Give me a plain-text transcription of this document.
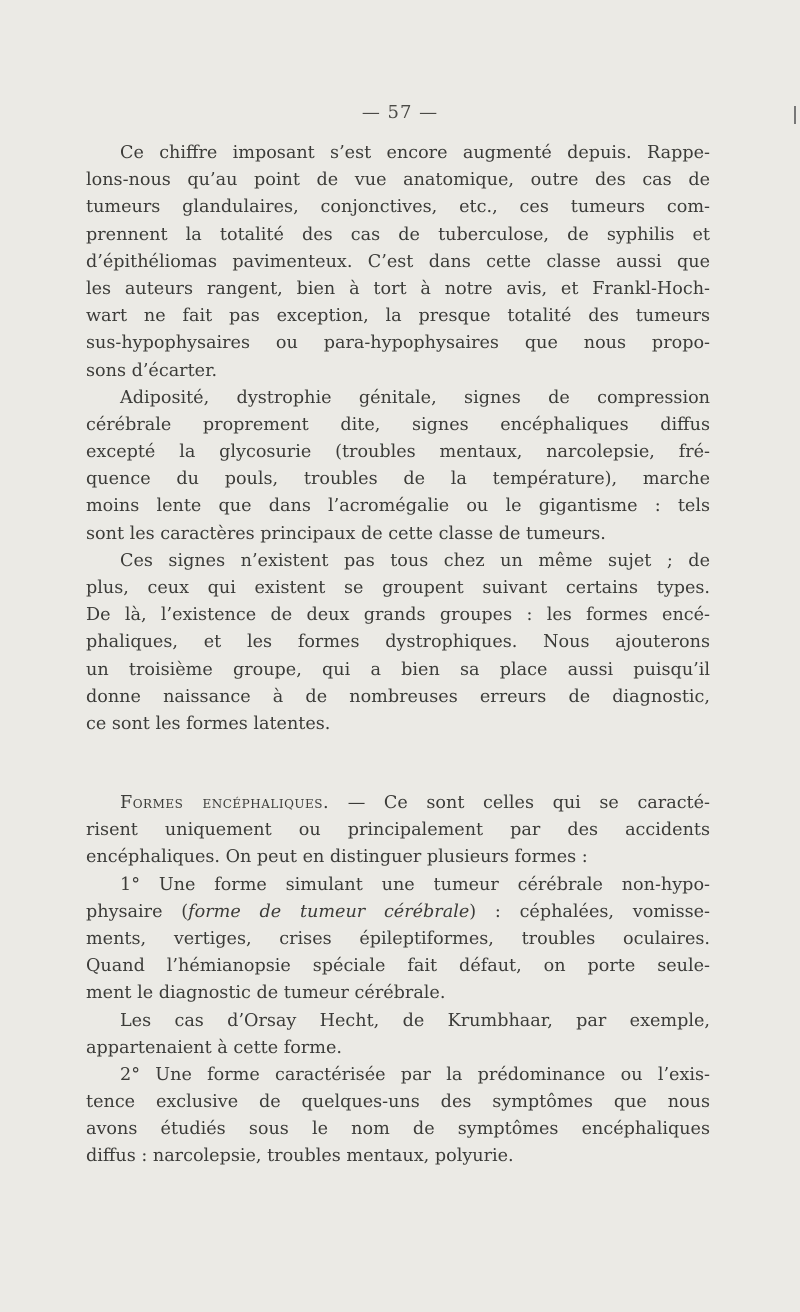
— 57 —
Ce chiffre imposant s’est encore augmenté depuis. Rappe-
lons-nous qu’au point de vue anatomique, outre des cas de
tumeurs glandulaires, conjonctives, etc., ces tumeurs com-
prennent la totalité des cas de tuberculose, de syphilis et
d’épithéliomas pavimenteux. C’est dans cette classe aussi que
les auteurs rangent, bien à tort à notre avis, et Frankl-Hoch-
wart ne fait pas exception, la presque totalité des tumeurs
sus-hypophysaires ou para-hypophysaires que nous propo-
sons d’écarter.
Adiposité, dystrophie génitale, signes de compression
cérébrale proprement dite, signes encéphaliques diffus
excepté la glycosurie (troubles mentaux, narcolepsie, fré-
quence du pouls, troubles de la température), marche
moins lente que dans l’acromégalie ou le gigantisme : tels
sont les caractères principaux de cette classe de tumeurs.
Ces signes n’existent pas tous chez un même sujet ; de
plus, ceux qui existent se groupent suivant certains types.
De là, l’existence de deux grands groupes : les formes encé-
phaliques, et les formes dystrophiques. Nous ajouterons
un troisième groupe, qui a bien sa place aussi puisqu’il
donne naissance à de nombreuses erreurs de diagnostic,
ce sont les formes latentes.
Formes encéphaliques. — Ce sont celles qui se caracté-
risent uniquement ou principalement par des accidents
encéphaliques. On peut en distinguer plusieurs formes :
1° Une forme simulant une tumeur cérébrale non-hypo-
physaire (forme de tumeur cérébrale) : céphalées, vomisse-
ments, vertiges, crises épileptiformes, troubles oculaires.
Quand l’hémianopsie spéciale fait défaut, on porte seule-
ment le diagnostic de tumeur cérébrale.
Les cas d’Orsay Hecht, de Krumbhaar, par exemple,
appartenaient à cette forme.
2° Une forme caractérisée par la prédominance ou l’exis-
tence exclusive de quelques-uns des symptômes que nous
avons étudiés sous le nom de symptômes encéphaliques
diffus : narcolepsie, troubles mentaux, polyurie.
